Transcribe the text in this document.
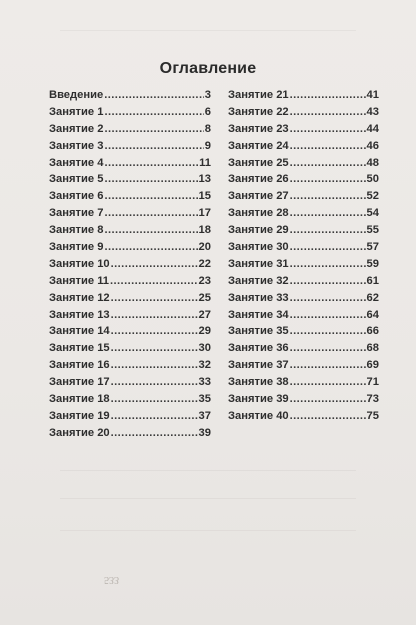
Оглавление
Введение .....	3
Занятие 1 .....	6
Занятие 2 .....	8
Занятие 3 .....	9
Занятие 4 .....	11
Занятие 5 .....	13
Занятие 6 .....	15
Занятие 7 .....	17
Занятие 8 .....	18
Занятие 9 .....	20
Занятие 10 .....	22
Занятие 11 .....	23
Занятие 12 .....	25
Занятие 13 .....	27
Занятие 14 .....	29
Занятие 15 .....	30
Занятие 16 .....	32
Занятие 17 .....	33
Занятие 18 .....	35
Занятие 19 .....	37
Занятие 20 .....	39
Занятие 21 .....	41
Занятие 22 .....	43
Занятие 23 .....	44
Занятие 24 .....	46
Занятие 25 .....	48
Занятие 26 .....	50
Занятие 27 .....	52
Занятие 28 .....	54
Занятие 29 .....	55
Занятие 30 .....	57
Занятие 31 .....	59
Занятие 32 .....	61
Занятие 33 .....	62
Занятие 34 .....	64
Занятие 35 .....	66
Занятие 36 .....	68
Занятие 37 .....	69
Занятие 38 .....	71
Занятие 39 .....	73
Занятие 40 .....	75
533
